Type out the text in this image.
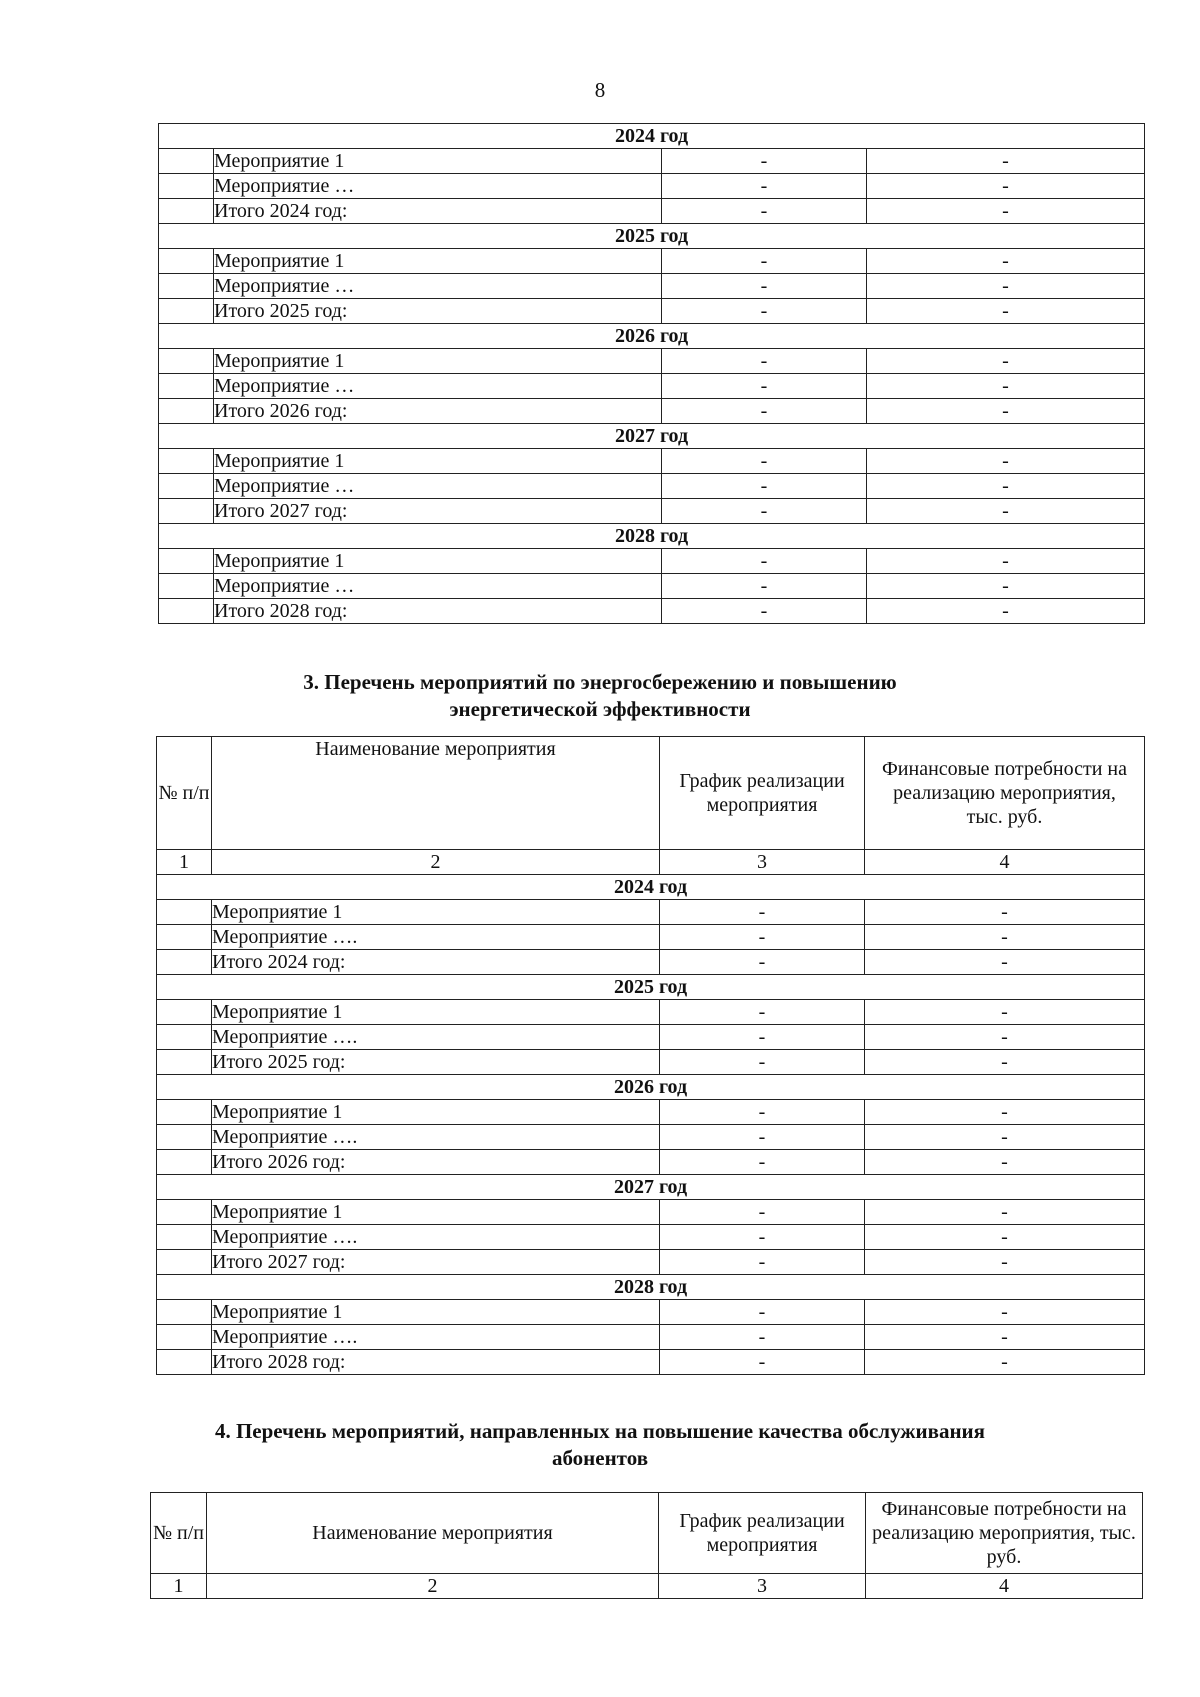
8
2024 год			
	Мероприятие 1	-	-
	Мероприятие …	-	-
	Итого 2024 год:	-	-
2025 год			
	Мероприятие 1	-	-
	Мероприятие …	-	-
	Итого 2025 год:	-	-
2026 год			
	Мероприятие 1	-	-
	Мероприятие …	-	-
	Итого 2026 год:	-	-
2027 год			
	Мероприятие 1	-	-
	Мероприятие …	-	-
	Итого 2027 год:	-	-
2028 год			
	Мероприятие 1	-	-
	Мероприятие …	-	-
	Итого 2028 год:	-	-
3. Перечень мероприятий по энергосбережению и повышению
энергетической эффективности
№ п/п	Наименование мероприятия	График реализации мероприятия	Финансовые потребности на реализацию мероприятия, тыс. руб.
1	2	3	4
2024 год			
	Мероприятие 1	-	-
	Мероприятие ….	-	-
	Итого 2024 год:	-	-
2025 год			
	Мероприятие 1	-	-
	Мероприятие ….	-	-
	Итого 2025 год:	-	-
2026 год			
	Мероприятие 1	-	-
	Мероприятие ….	-	-
	Итого 2026 год:	-	-
2027 год			
	Мероприятие 1	-	-
	Мероприятие ….	-	-
	Итого 2027 год:	-	-
2028 год			
	Мероприятие 1	-	-
	Мероприятие ….	-	-
	Итого 2028 год:	-	-
4. Перечень мероприятий, направленных на повышение качества обслуживания
абонентов
№ п/п	Наименование мероприятия	График реализации мероприятия	Финансовые потребности на реализацию мероприятия, тыс. руб.
1	2	3	4
